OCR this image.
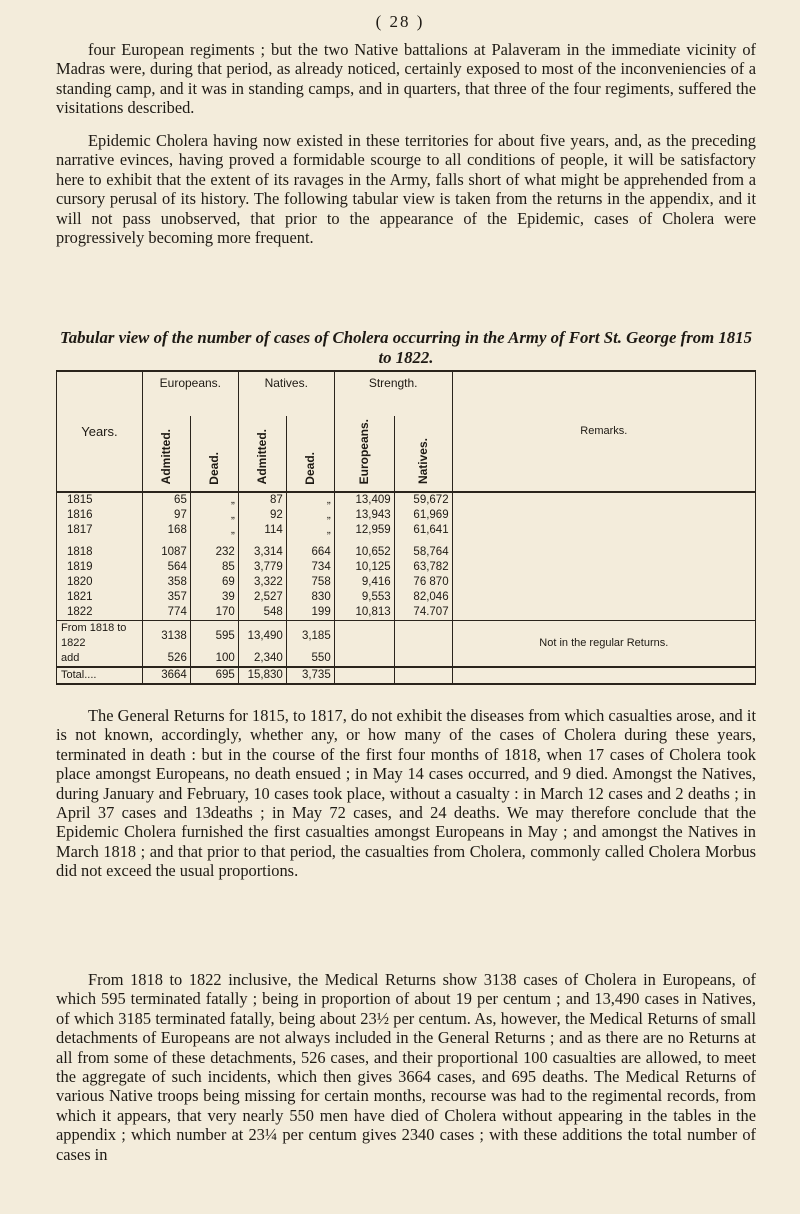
( 28 )

four European regiments ; but the two Native battalions at Palaveram in the immediate vicinity of Madras were, during that period, as already noticed, certainly exposed to most of the inconveniencies of a standing camp, and it was in standing camps, and in quarters, that three of the four regiments, suffered the visitations described.

Epidemic Cholera having now existed in these territories for about five years, and, as the preceding narrative evinces, having proved a formidable scourge to all conditions of people, it will be satisfactory here to exhibit that the extent of its ravages in the Army, falls short of what might be apprehended from a cursory perusal of its history. The following tabular view is taken from the returns in the appendix, and it will not pass unobserved, that prior to the appearance of the Epidemic, cases of Cholera were progressively becoming more frequent.

Tabular view of the number of cases of Cholera occurring in the Army of Fort St. George from 1815 to 1822.

Years.	Europeans.		Natives.		Strength.		Remarks.
	Admitted.	Dead.	Admitted.	Dead.	Europeans.	Natives.	
1815	65	„	87	„	13,409	59,672	
1816	97	„	92	„	13,943	61,969	
1817	168	„	114	„	12,959	61,641	

1818	1087	232	3,314	664	10,652	58,764	
1819	564	85	3,779	734	10,125	63,782	
1820	358	69	3,322	758	9,416	76 870	
1821	357	39	2,527	830	9,553	82,046	
1822	774	170	548	199	10,813	74.707	
From 1818 to 1822	3138	595	13,490	3,185			Not in the regular Returns.
add	526	100	2,340	550			
Total....	3664	695	15,830	3,735			

The General Returns for 1815, to 1817, do not exhibit the diseases from which casualties arose, and it is not known, accordingly, whether any, or how many of the cases of Cholera during these years, terminated in death : but in the course of the first four months of 1818, when 17 cases of Cholera took place amongst Europeans, no death ensued ; in May 14 cases occurred, and 9 died. Amongst the Natives, during January and February, 10 cases took place, without a casualty : in March 12 cases and 2 deaths ; in April 37 cases and 13deaths ; in May 72 cases, and 24 deaths. We may therefore conclude that the Epidemic Cholera furnished the first casualties amongst Europeans in May ; and amongst the Natives in March 1818 ; and that prior to that period, the casualties from Cholera, commonly called Cholera Morbus did not exceed the usual proportions.

From 1818 to 1822 inclusive, the Medical Returns show 3138 cases of Cholera in Europeans, of which 595 terminated fatally ; being in proportion of about 19 per centum ; and 13,490 cases in Natives, of which 3185 terminated fatally, being about 23½ per centum. As, however, the Medical Returns of small detachments of Europeans are not always included in the General Returns ; and as there are no Returns at all from some of these detachments, 526 cases, and their proportional 100 casualties are allowed, to meet the aggregate of such incidents, which then gives 3664 cases, and 695 deaths. The Medical Returns of various Native troops being missing for certain months, recourse was had to the regimental records, from which it appears, that very nearly 550 men have died of Cholera without appearing in the tables in the appendix ; which number at 23¼ per centum gives 2340 cases ; with these additions the total number of cases in
